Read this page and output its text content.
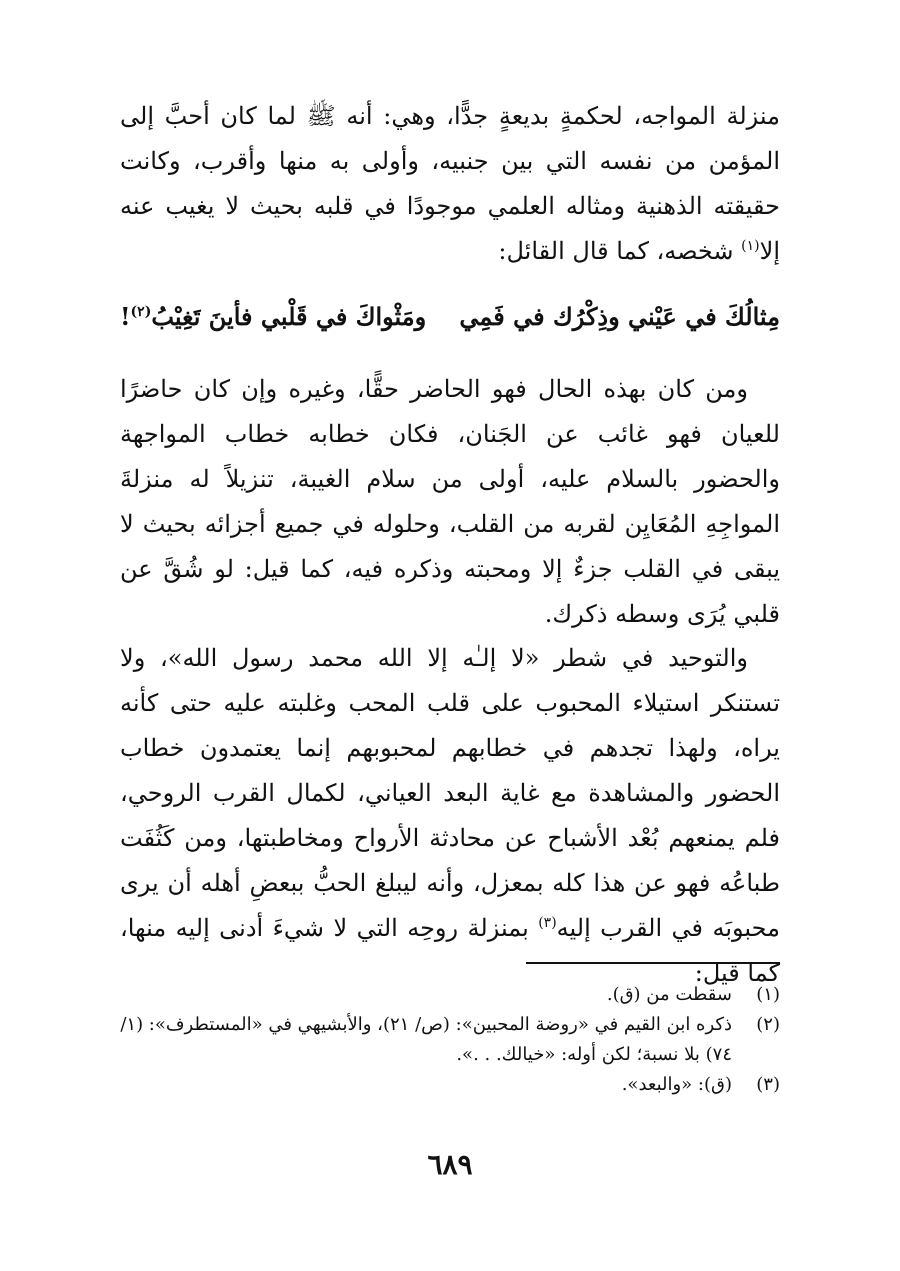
منزلة المواجه، لحكمةٍ بديعةٍ جدًّا، وهي: أنه ﷺ لما كان أحبَّ إلى المؤمن من نفسه التي بين جنبيه، وأولى به منها وأقرب، وكانت حقيقته الذهنية ومثاله العلمي موجودًا في قلبه بحيث لا يغيب عنه إلا$^{(١)}$ شخصه، كما قال القائل:

مِثالُكَ في عَيْني وذِكْرُك في فَمِي
ومَثْواكَ في قَلْبي فأينَ تَغِيْبُ$^{(٢)}$!

ومن كان بهذه الحال فهو الحاضر حقًّا، وغيره وإن كان حاضرًا للعيان فهو غائب عن الجَنان، فكان خطابه خطاب المواجهة والحضور بالسلام عليه، أولى من سلام الغيبة، تنزيلاً له منزلةَ المواجِهِ المُعَايِن لقربه من القلب، وحلوله في جميع أجزائه بحيث لا يبقى في القلب جزءٌ إلا ومحبته وذكره فيه، كما قيل: لو شُقَّ عن قلبي يُرَى وسطه ذكرك.

والتوحيد في شطر «لا إلـٰه إلا الله محمد رسول الله»، ولا تستنكر استيلاء المحبوب على قلب المحب وغلبته عليه حتى كأنه يراه، ولهذا تجدهم في خطابهم لمحبوبهم إنما يعتمدون خطاب الحضور والمشاهدة مع غاية البعد العياني، لكمال القرب الروحي، فلم يمنعهم بُعْد الأشباح عن محادثة الأرواح ومخاطبتها، ومن كَثُفَت طباعُه فهو عن هذا كله بمعزل، وأنه ليبلغ الحبُّ ببعضِ أهله أن يرى محبوبَه في القرب إليه$^{(٣)}$ بمنزلة روحِه التي لا شيءَ أدنى إليه منها، كما قيل:

(١)
سقطت من (ق).
(٢)
ذكره ابن القيم في «روضة المحبين»: (ص/ ٢١)، والأبشيهي في «المستطرف»: (١/ ٧٤) بلا نسبة؛ لكن أوله: «خيالك. . .».
(٣)
(ق): «والبعد».
٦٨٩
